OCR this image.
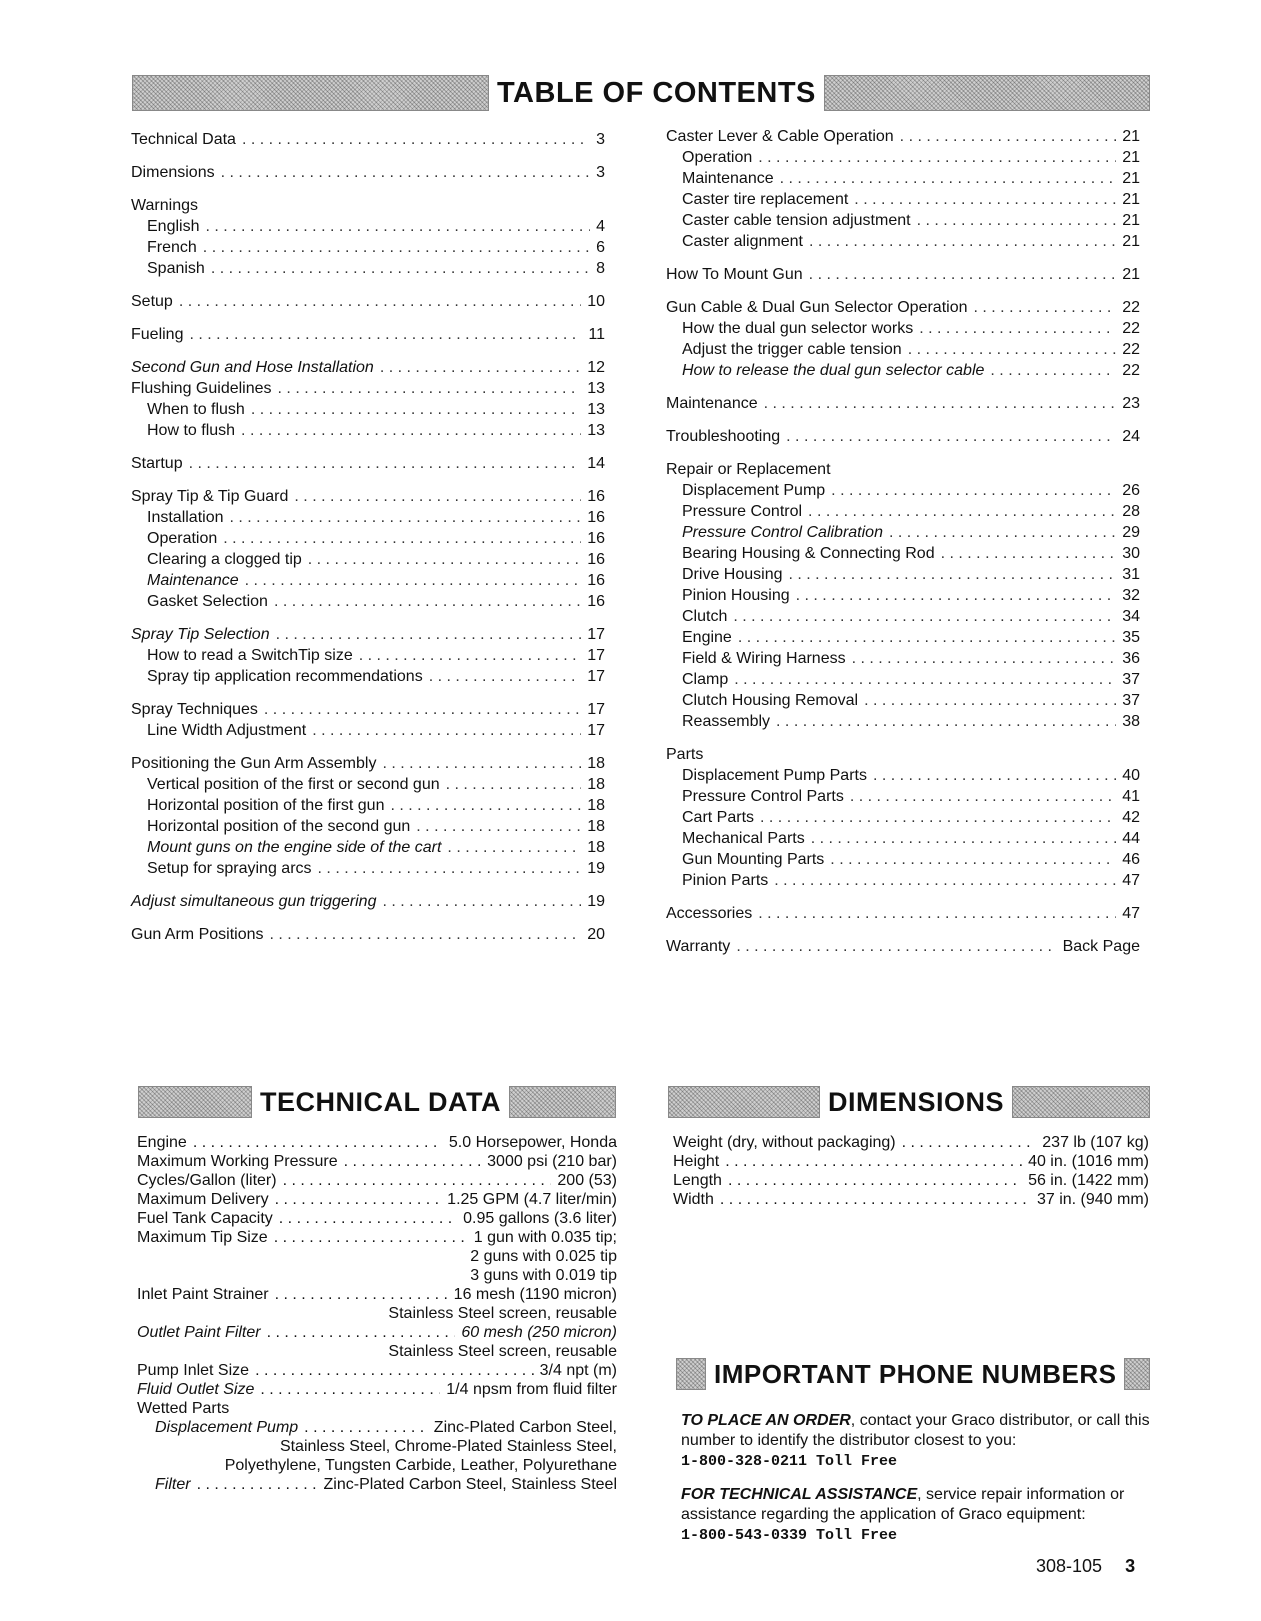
TABLE OF CONTENTS
Technical Data . . .	3
Dimensions . . .	3
Warnings
English . . .	4
French . . .	6
Spanish . . .	8
Setup . . .	10
Fueling . . .	11
Second Gun and Hose Installation . . .	12
Flushing Guidelines . . .	13
When to flush . . .	13
How to flush . . .	13
Startup . . .	14
Spray Tip & Tip Guard . . .	16
Installation . . .	16
Operation . . .	16
Clearing a clogged tip . . .	16
Maintenance . . .	16
Gasket Selection . . .	16
Spray Tip Selection . . .	17
How to read a SwitchTip size . . .	17
Spray tip application recommendations . . .	17
Spray Techniques . . .	17
Line Width Adjustment . . .	17
Positioning the Gun Arm Assembly . . .	18
Vertical position of the first or second gun . . .	18
Horizontal position of the first gun . . .	18
Horizontal position of the second gun . . .	18
Mount guns on the engine side of the cart . . .	18
Setup for spraying arcs . . .	19
Adjust simultaneous gun triggering . . .	19
Gun Arm Positions . . .	20
Caster Lever & Cable Operation . . .	21
Operation . . .	21
Maintenance . . .	21
Caster tire replacement . . .	21
Caster cable tension adjustment . . .	21
Caster alignment . . .	21
How To Mount Gun . . .	21
Gun Cable & Dual Gun Selector Operation . . .	22
How the dual gun selector works . . .	22
Adjust the trigger cable tension . . .	22
How to release the dual gun selector cable . . .	22
Maintenance . . .	23
Troubleshooting . . .	24
Repair or Replacement
Displacement Pump . . .	26
Pressure Control . . .	28
Pressure Control Calibration . . .	29
Bearing Housing & Connecting Rod . . .	30
Drive Housing . . .	31
Pinion Housing . . .	32
Clutch . . .	34
Engine . . .	35
Field & Wiring Harness . . .	36
Clamp . . .	37
Clutch Housing Removal . . .	37
Reassembly . . .	38
Parts
Displacement Pump Parts . . .	40
Pressure Control Parts . . .	41
Cart Parts . . .	42
Mechanical Parts . . .	44
Gun Mounting Parts . . .	46
Pinion Parts . . .	47
Accessories . . .	47
Warranty . . .	Back Page
TECHNICAL DATA
Engine . . .	5.0 Horsepower, Honda
Maximum Working Pressure . . .	3000 psi (210 bar)
Cycles/Gallon (liter) . . .	200 (53)
Maximum Delivery . . .	1.25 GPM (4.7 liter/min)
Fuel Tank Capacity . . .	0.95 gallons (3.6 liter)
Maximum Tip Size . . .	1 gun with 0.035 tip;
2 guns with 0.025 tip
3 guns with 0.019 tip
Inlet Paint Strainer . . .	16 mesh (1190 micron)
Stainless Steel screen, reusable
Outlet Paint Filter . . .	60 mesh (250 micron)
Stainless Steel screen, reusable
Pump Inlet Size . . .	3/4 npt (m)
Fluid Outlet Size . . .	1/4 npsm from fluid filter
Wetted Parts
Displacement Pump . . .	Zinc-Plated Carbon Steel,
Stainless Steel, Chrome-Plated Stainless Steel,
Polyethylene, Tungsten Carbide, Leather, Polyurethane
Filter . . .	Zinc-Plated Carbon Steel, Stainless Steel
DIMENSIONS
Weight (dry, without packaging) . . .	237 lb (107 kg)
Height . . .	40 in. (1016 mm)
Length . . .	56 in. (1422 mm)
Width . . .	37 in. (940 mm)
IMPORTANT PHONE NUMBERS
TO PLACE AN ORDER, contact your Graco distributor, or call this number to identify the distributor closest to you:
1-800-328-0211 Toll Free
FOR TECHNICAL ASSISTANCE, service repair information or assistance regarding the application of Graco equipment:
1-800-543-0339 Toll Free
308-105 3
